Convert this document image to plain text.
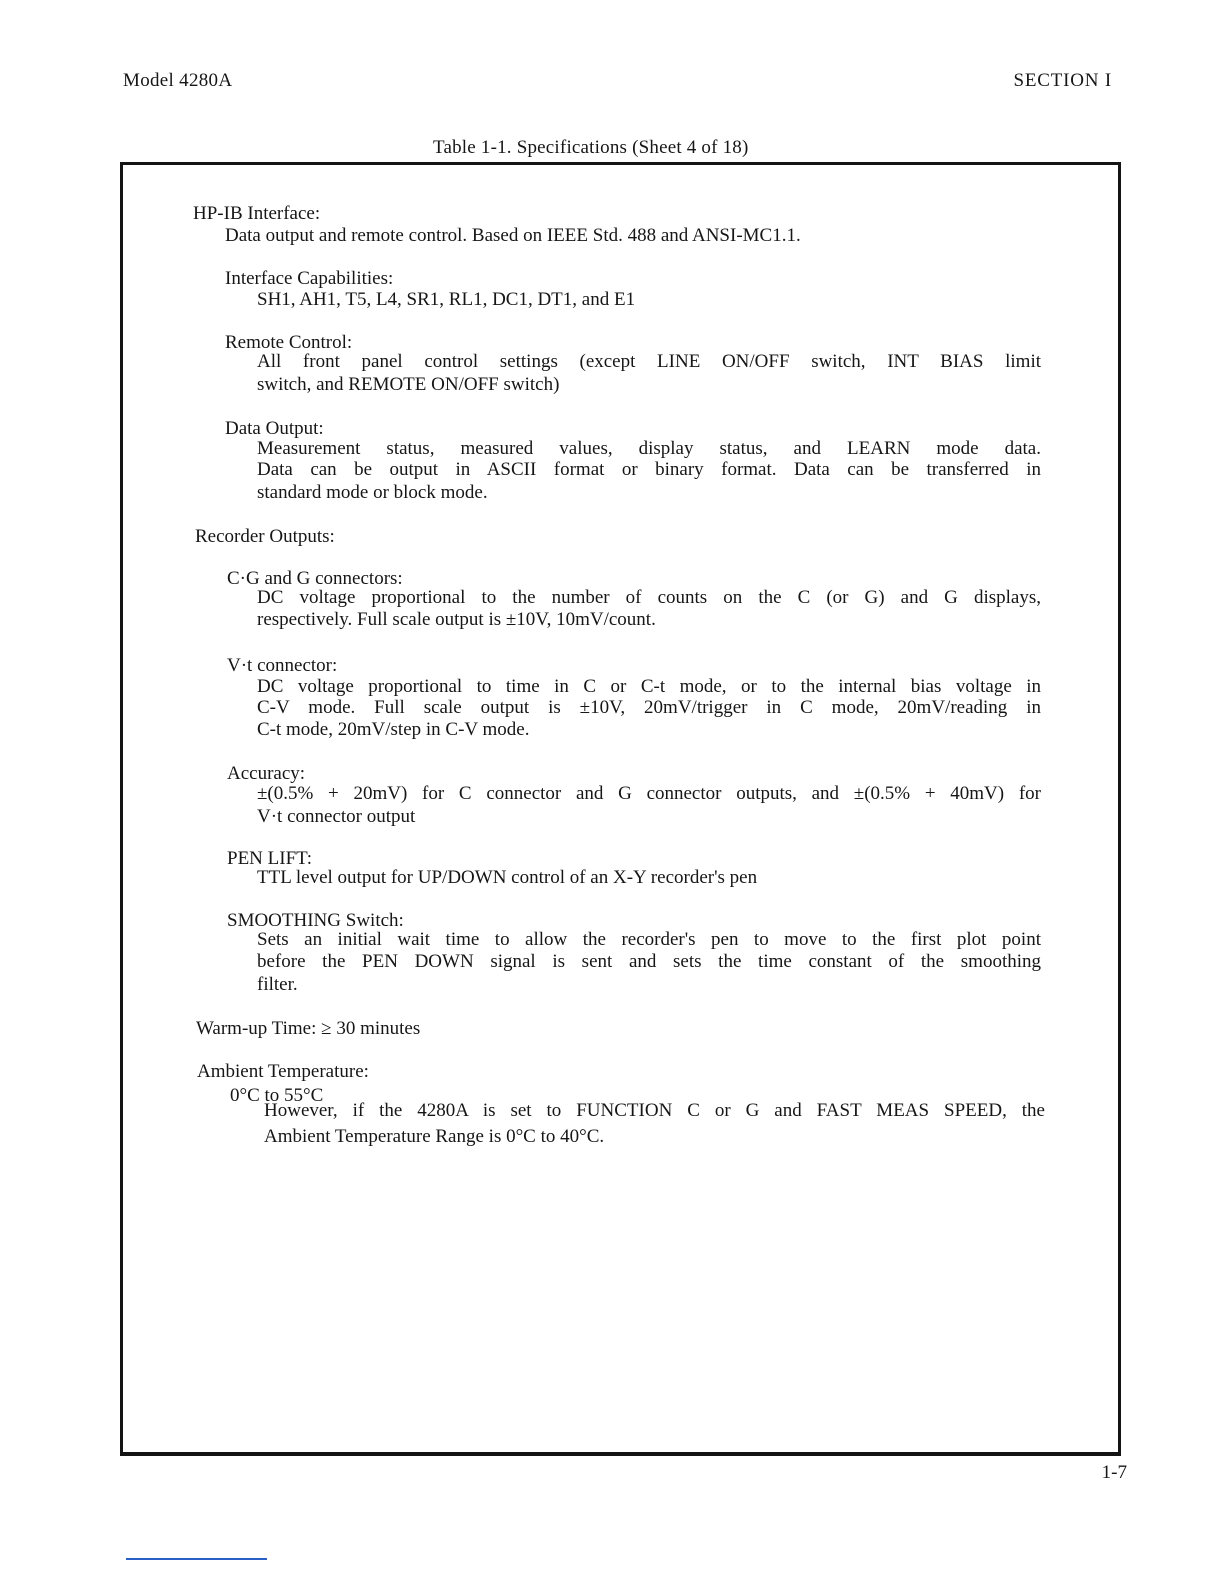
Model 4280A	SECTION I
Table 1-1. Specifications (Sheet 4 of 18)
HP-IB Interface:
Data output and remote control. Based on IEEE Std. 488 and ANSI-MC1.1.
Interface Capabilities:
SH1, AH1, T5, L4, SR1, RL1, DC1, DT1, and E1
Remote Control:
All front panel control settings (except LINE ON/OFF switch, INT BIAS limit
switch, and REMOTE ON/OFF switch)
Data Output:
Measurement status, measured values, display status, and LEARN mode data.
Data can be output in ASCII format or binary format. Data can be transferred in
standard mode or block mode.
Recorder Outputs:
C·G and G connectors:
DC voltage proportional to the number of counts on the C (or G) and G displays,
respectively. Full scale output is ±10V, 10mV/count.
V·t connector:
DC voltage proportional to time in C or C-t mode, or to the internal bias voltage in
C-V mode. Full scale output is ±10V, 20mV/trigger in C mode, 20mV/reading in
C-t mode, 20mV/step in C-V mode.
Accuracy:
±(0.5% + 20mV) for C connector and G connector outputs, and ±(0.5% + 40mV) for
V·t connector output
PEN LIFT:
TTL level output for UP/DOWN control of an X-Y recorder's pen
SMOOTHING Switch:
Sets an initial wait time to allow the recorder's pen to move to the first plot point
before the PEN DOWN signal is sent and sets the time constant of the smoothing
filter.
Warm-up Time: ≥ 30 minutes
Ambient Temperature:
0°C to 55°C
However, if the 4280A is set to FUNCTION C or G and FAST MEAS SPEED, the
Ambient Temperature Range is 0°C to 40°C.
1-7
